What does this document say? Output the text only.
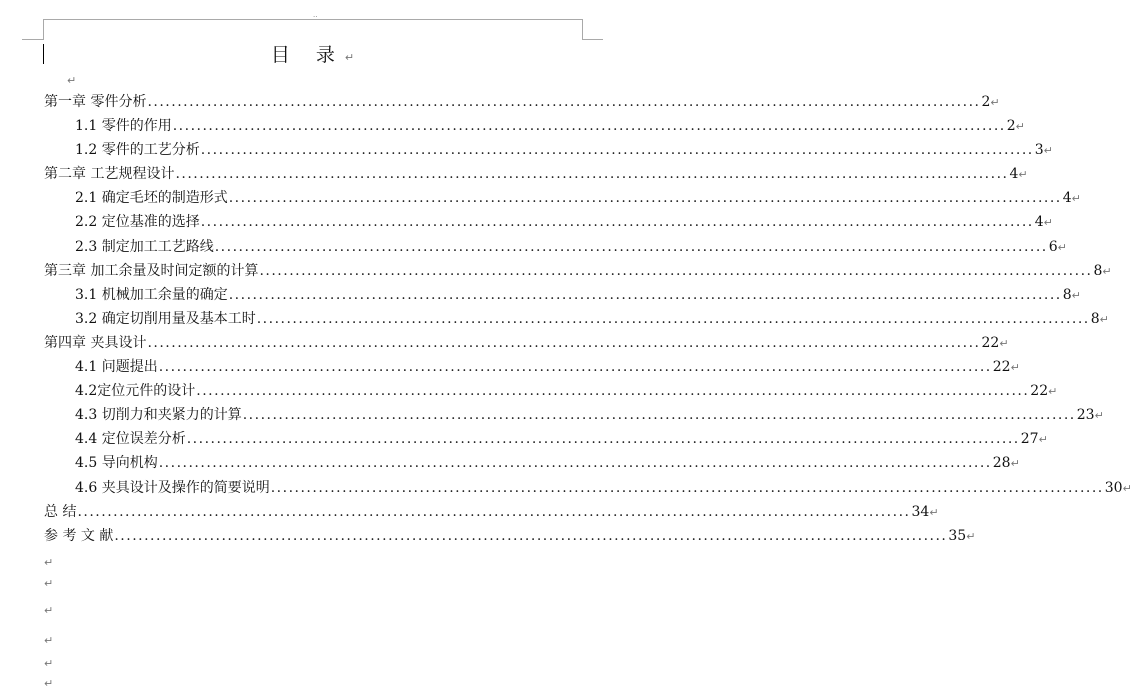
..
目 录↵
↵
第一章 零件分析 ............................................................................................................................................ 2 ↵
1.1 零件的作用 ............................................................................................................................................ 2 ↵
1.2 零件的工艺分析 ............................................................................................................................................ 3 ↵
第二章 工艺规程设计 ............................................................................................................................................ 4 ↵
2.1 确定毛坯的制造形式 ............................................................................................................................................ 4 ↵
2.2 定位基准的选择 ............................................................................................................................................ 4 ↵
2.3 制定加工工艺路线 ............................................................................................................................................ 6 ↵
第三章 加工余量及时间定额的计算 ............................................................................................................................................ 8 ↵
3.1 机械加工余量的确定 ............................................................................................................................................ 8 ↵
3.2 确定切削用量及基本工时 ............................................................................................................................................ 8 ↵
第四章 夹具设计 ............................................................................................................................................ 22 ↵
4.1 问题提出 ............................................................................................................................................ 22 ↵
4.2定位元件的设计 ............................................................................................................................................ 22 ↵
4.3 切削力和夹紧力的计算 ............................................................................................................................................ 23 ↵
4.4 定位误差分析 ............................................................................................................................................ 27 ↵
4.5 导向机构 ............................................................................................................................................ 28 ↵
4.6 夹具设计及操作的简要说明 ............................................................................................................................................ 30 ↵
总 结 ............................................................................................................................................ 34 ↵
参 考 文 献 ............................................................................................................................................ 35 ↵
↵
↵
↵
↵
↵
↵
